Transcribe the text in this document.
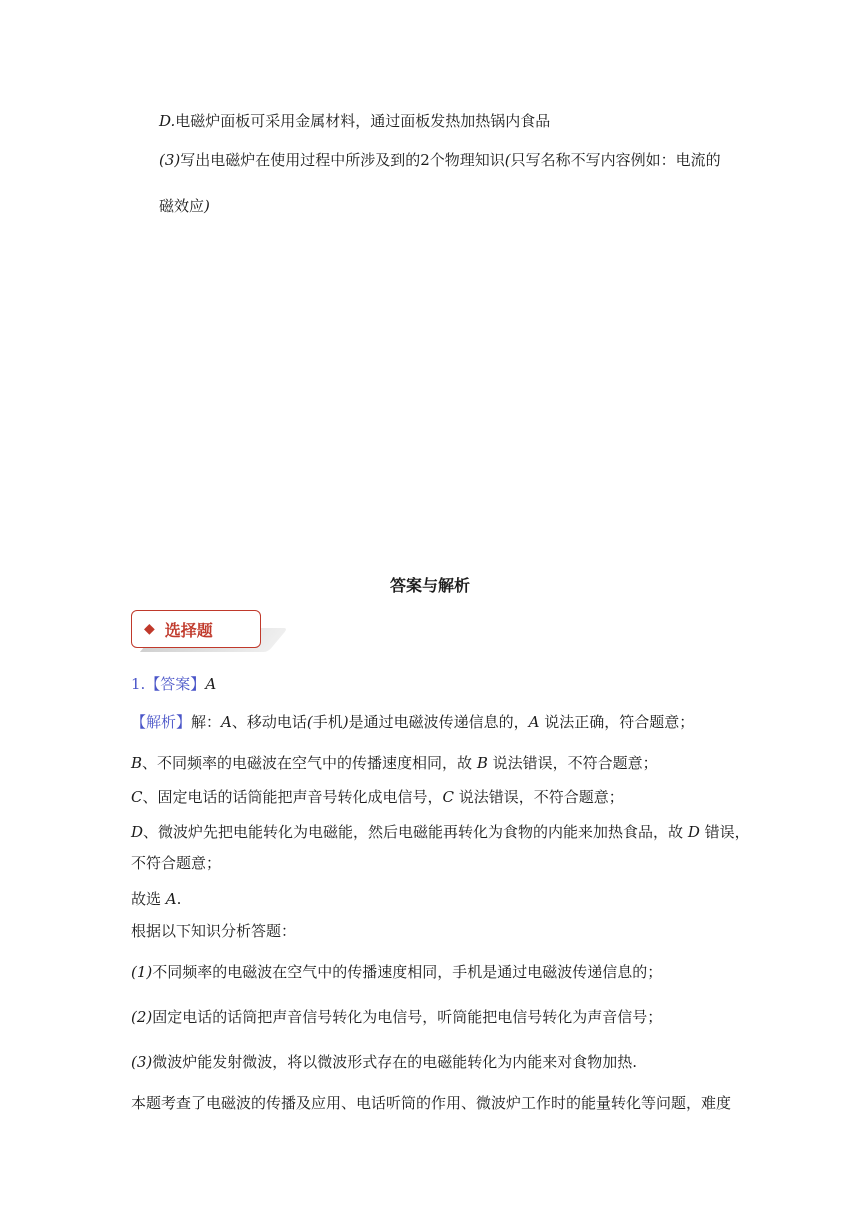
D.电磁炉面板可采用金属材料，通过面板发热加热锅内食品
(3)写出电磁炉在使用过程中所涉及到的2个物理知识(只写名称不写内容例如：电流的
磁效应)
答案与解析
◆ 选择题
1.【答案】A
【解析】解：A、移动电话(手机)是通过电磁波传递信息的，A 说法正确，符合题意；
B、不同频率的电磁波在空气中的传播速度相同，故 B 说法错误，不符合题意；
C、固定电话的话筒能把声音号转化成电信号，C 说法错误，不符合题意；
D、微波炉先把电能转化为电磁能，然后电磁能再转化为食物的内能来加热食品，故 D 错误，
不符合题意；
故选 A.
根据以下知识分析答题：
(1)不同频率的电磁波在空气中的传播速度相同，手机是通过电磁波传递信息的；
(2)固定电话的话筒把声音信号转化为电信号，听筒能把电信号转化为声音信号；
(3)微波炉能发射微波，将以微波形式存在的电磁能转化为内能来对食物加热.
本题考查了电磁波的传播及应用、电话听筒的作用、微波炉工作时的能量转化等问题，难度
